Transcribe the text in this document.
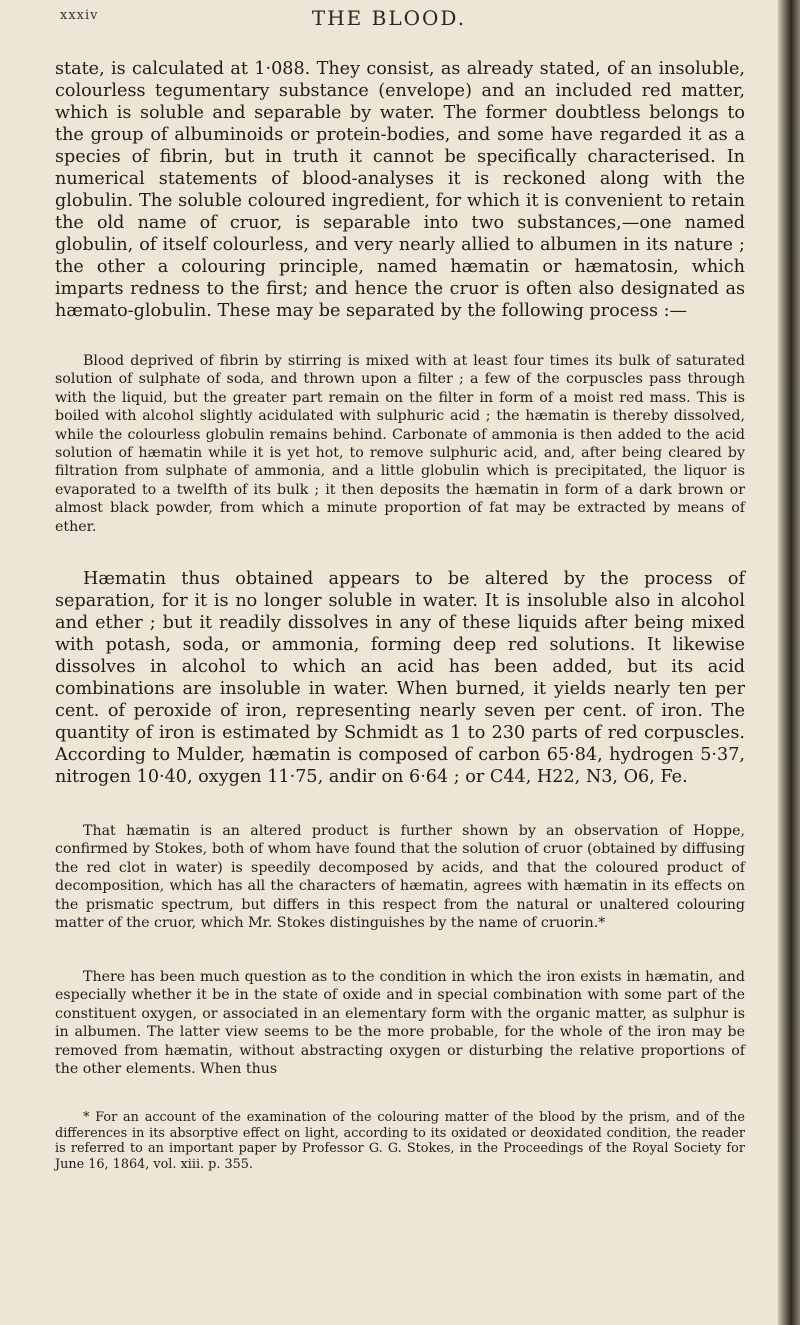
xxxiv	THE BLOOD.

state, is calculated at 1·088. They consist, as already stated, of an insoluble, colourless tegumentary substance (envelope) and an included red matter, which is soluble and separable by water. The former doubtless belongs to the group of albuminoids or protein-bodies, and some have regarded it as a species of fibrin, but in truth it cannot be specifically characterised. In numerical statements of blood-analyses it is reckoned along with the globulin. The soluble coloured ingredient, for which it is convenient to retain the old name of cruor, is separable into two substances,—one named globulin, of itself colourless, and very nearly allied to albumen in its nature ; the other a colouring principle, named hæmatin or hæmatosin, which imparts redness to the first; and hence the cruor is often also designated as hæmato-globulin. These may be separated by the following process :—

Blood deprived of fibrin by stirring is mixed with at least four times its bulk of saturated solution of sulphate of soda, and thrown upon a filter ; a few of the corpuscles pass through with the liquid, but the greater part remain on the filter in form of a moist red mass. This is boiled with alcohol slightly acidulated with sulphuric acid ; the hæmatin is thereby dissolved, while the colourless globulin remains behind. Carbonate of ammonia is then added to the acid solution of hæmatin while it is yet hot, to remove sulphuric acid, and, after being cleared by filtration from sulphate of ammonia, and a little globulin which is precipitated, the liquor is evaporated to a twelfth of its bulk ; it then deposits the hæmatin in form of a dark brown or almost black powder, from which a minute proportion of fat may be extracted by means of ether.

Hæmatin thus obtained appears to be altered by the process of separation, for it is no longer soluble in water. It is insoluble also in alcohol and ether ; but it readily dissolves in any of these liquids after being mixed with potash, soda, or ammonia, forming deep red solutions. It likewise dissolves in alcohol to which an acid has been added, but its acid combinations are insoluble in water. When burned, it yields nearly ten per cent. of peroxide of iron, representing nearly seven per cent. of iron. The quantity of iron is estimated by Schmidt as 1 to 230 parts of red corpuscles. According to Mulder, hæmatin is composed of carbon 65·84, hydrogen 5·37, nitrogen 10·40, oxygen 11·75, andir on 6·64 ; or C44, H22, N3, O6, Fe.

That hæmatin is an altered product is further shown by an observation of Hoppe, confirmed by Stokes, both of whom have found that the solution of cruor (obtained by diffusing the red clot in water) is speedily decomposed by acids, and that the coloured product of decomposition, which has all the characters of hæmatin, agrees with hæmatin in its effects on the prismatic spectrum, but differs in this respect from the natural or unaltered colouring matter of the cruor, which Mr. Stokes distinguishes by the name of cruorin.*

There has been much question as to the condition in which the iron exists in hæmatin, and especially whether it be in the state of oxide and in special combination with some part of the constituent oxygen, or associated in an elementary form with the organic matter, as sulphur is in albumen. The latter view seems to be the more probable, for the whole of the iron may be removed from hæmatin, without abstracting oxygen or disturbing the relative proportions of the other elements. When thus

* For an account of the examination of the colouring matter of the blood by the prism, and of the differences in its absorptive effect on light, according to its oxidated or deoxidated condition, the reader is referred to an important paper by Professor G. G. Stokes, in the Proceedings of the Royal Society for June 16, 1864, vol. xiii. p. 355.
